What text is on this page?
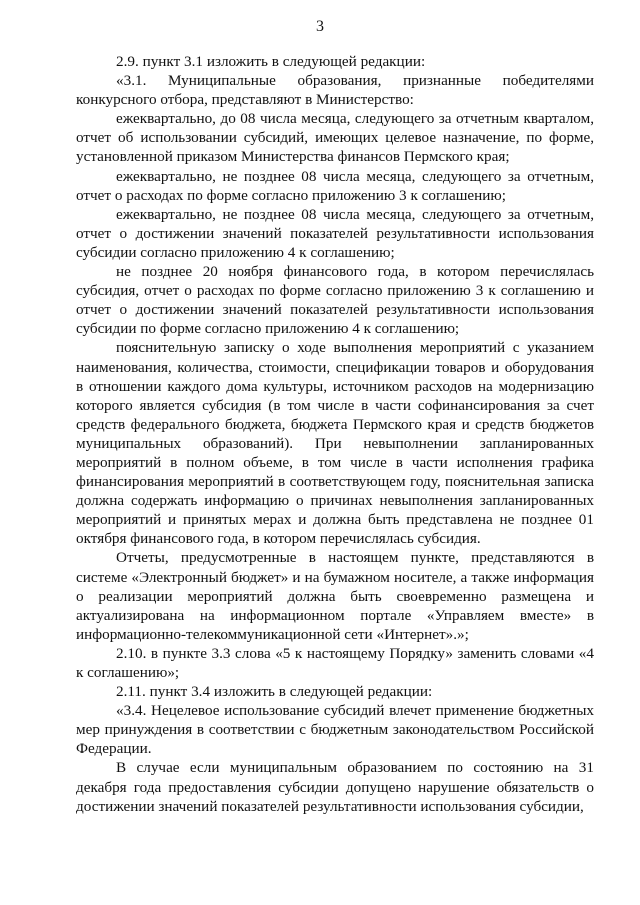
3

2.9. пункт 3.1 изложить в следующей редакции:

«3.1. Муниципальные образования, признанные победителями конкурсного отбора, представляют в Министерство:

ежеквартально, до 08 числа месяца, следующего за отчетным кварталом, отчет об использовании субсидий, имеющих целевое назначение, по форме, установленной приказом Министерства финансов Пермского края;

ежеквартально, не позднее 08 числа месяца, следующего за отчетным, отчет о расходах по форме согласно приложению 3 к соглашению;

ежеквартально, не позднее 08 числа месяца, следующего за отчетным, отчет о достижении значений показателей результативности использования субсидии согласно приложению 4 к соглашению;

не позднее 20 ноября финансового года, в котором перечислялась субсидия, отчет о расходах по форме согласно приложению 3 к соглашению и отчет о достижении значений показателей результативности использования субсидии по форме согласно приложению 4 к соглашению;

пояснительную записку о ходе выполнения мероприятий с указанием наименования, количества, стоимости, спецификации товаров и оборудования в отношении каждого дома культуры, источником расходов на модернизацию которого является субсидия (в том числе в части софинансирования за счет средств федерального бюджета, бюджета Пермского края и средств бюджетов муниципальных образований). При невыполнении запланированных мероприятий в полном объеме, в том числе в части исполнения графика финансирования мероприятий в соответствующем году, пояснительная записка должна содержать информацию о причинах невыполнения запланированных мероприятий и принятых мерах и должна быть представлена не позднее 01 октября финансового года, в котором перечислялась субсидия.

Отчеты, предусмотренные в настоящем пункте, представляются в системе «Электронный бюджет» и на бумажном носителе, а также информация о реализации мероприятий должна быть своевременно размещена и актуализирована на информационном портале «Управляем вместе» в информационно-телекоммуникационной сети «Интернет».»;

2.10. в пункте 3.3 слова «5 к настоящему Порядку» заменить словами «4 к соглашению»;

2.11. пункт 3.4 изложить в следующей редакции:

«3.4. Нецелевое использование субсидий влечет применение бюджетных мер принуждения в соответствии с бюджетным законодательством Российской Федерации.

В случае если муниципальным образованием по состоянию на 31 декабря года предоставления субсидии допущено нарушение обязательств о достижении значений показателей результативности использования субсидии,
